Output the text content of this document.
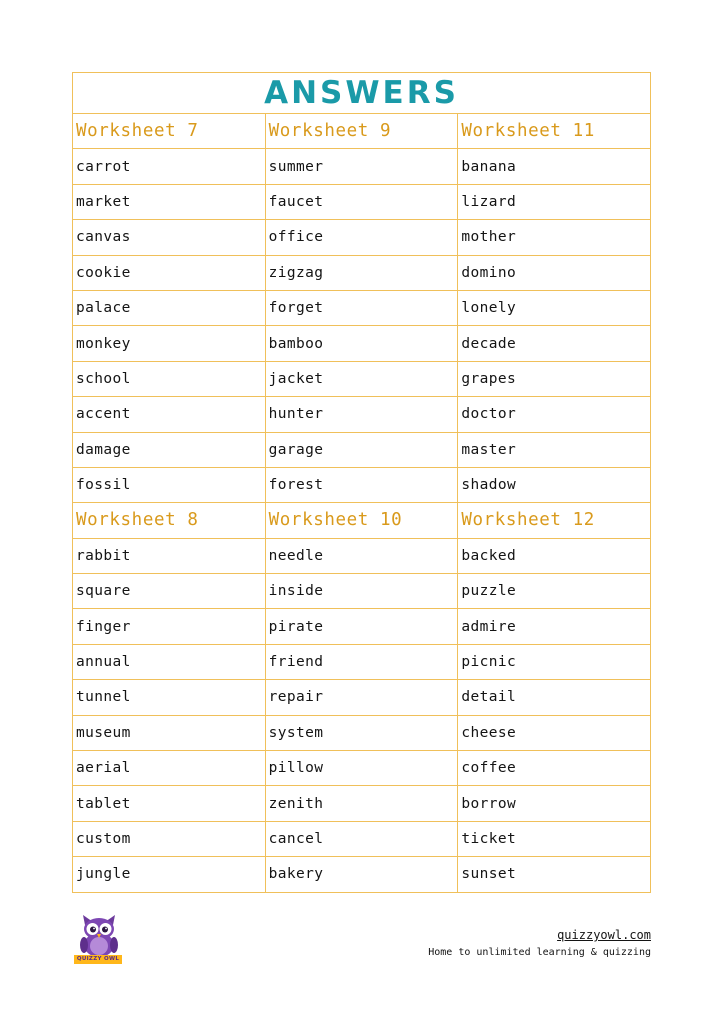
ANSWERS		
Worksheet 7	Worksheet 9	Worksheet 11
carrot	summer	banana
market	faucet	lizard
canvas	office	mother
cookie	zigzag	domino
palace	forget	lonely
monkey	bamboo	decade
school	jacket	grapes
accent	hunter	doctor
damage	garage	master
fossil	forest	shadow
Worksheet 8	Worksheet 10	Worksheet 12
rabbit	needle	backed
square	inside	puzzle
finger	pirate	admire
annual	friend	picnic
tunnel	repair	detail
museum	system	cheese
aerial	pillow	coffee
tablet	zenith	borrow
custom	cancel	ticket
jungle	bakery	sunset
QUIZZY OWL
quizzyowl.com
Home to unlimited learning & quizzing
